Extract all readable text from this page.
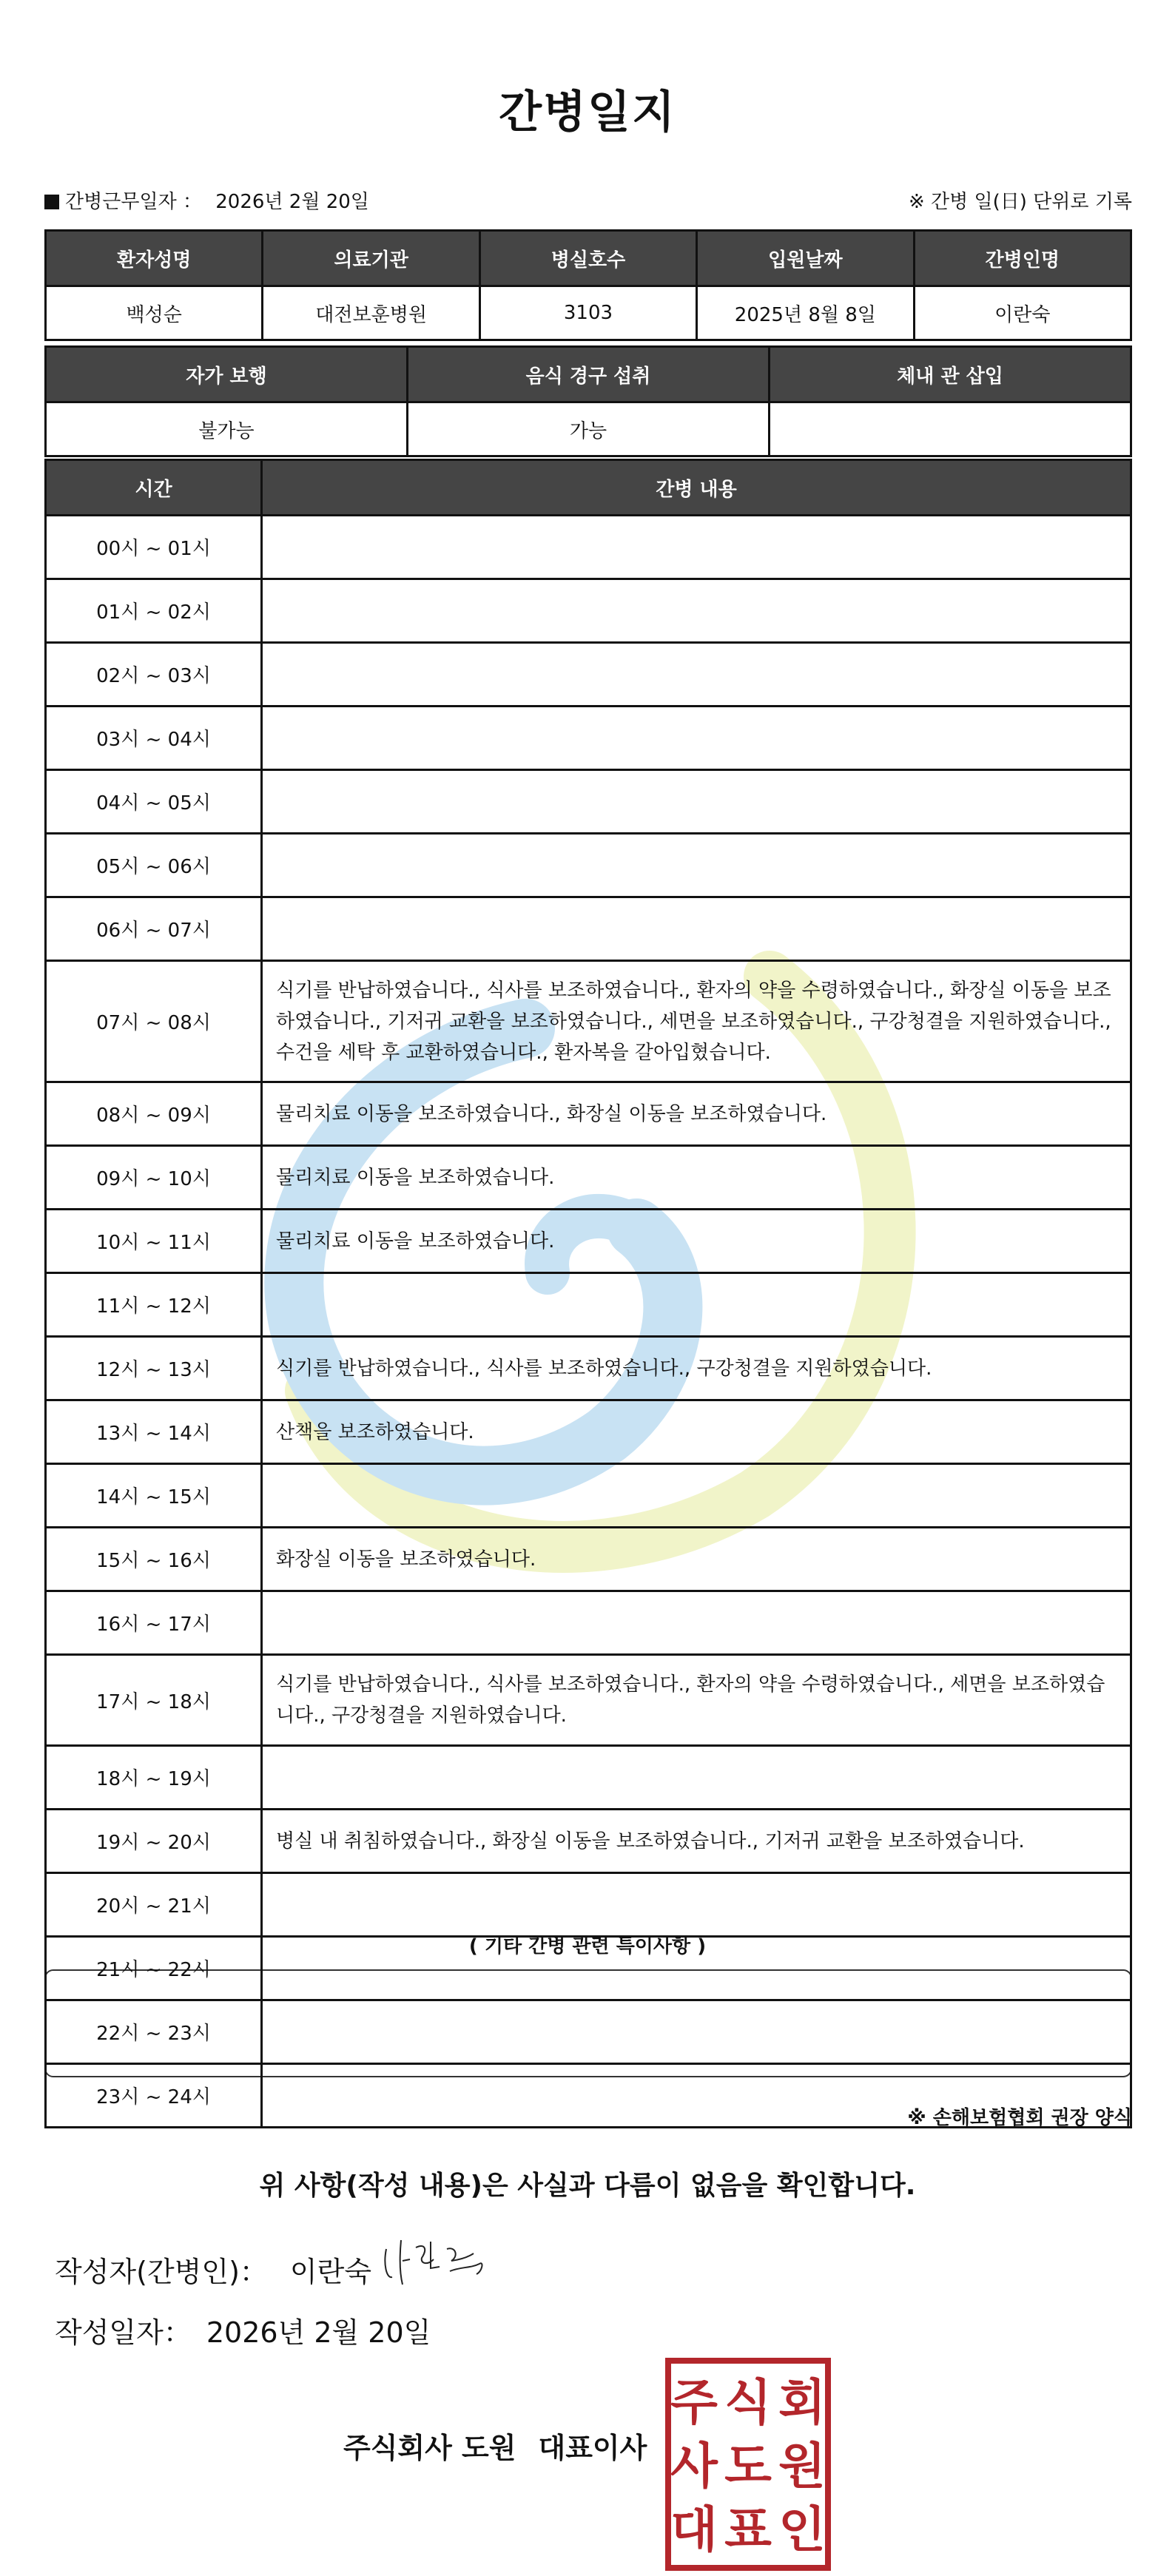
간병일지
간병근무일자 ： 2026년 2월 20일	※ 간병 일(日) 단위로 기록
환자성명	의료기관	병실호수	입원날짜	간병인명
백성순	대전보훈병원	3103	2025년 8월 8일	이란숙
자가 보행	음식 경구 섭취	체내 관 삽입
불가능	가능	
시간	간병 내용
00시 ~ 01시	
01시 ~ 02시	
02시 ~ 03시	
03시 ~ 04시	
04시 ~ 05시	
05시 ~ 06시	
06시 ~ 07시	
07시 ~ 08시	식기를 반납하였습니다., 식사를 보조하였습니다., 환자의 약을 수령하였습니다., 화장실 이동을 보조하였습니다., 기저귀 교환을 보조하였습니다., 세면을 보조하였습니다., 구강청결을 지원하였습니다., 수건을 세탁 후 교환하였습니다., 환자복을 갈아입혔습니다.
08시 ~ 09시	물리치료 이동을 보조하였습니다., 화장실 이동을 보조하였습니다.
09시 ~ 10시	물리치료 이동을 보조하였습니다.
10시 ~ 11시	물리치료 이동을 보조하였습니다.
11시 ~ 12시	
12시 ~ 13시	식기를 반납하였습니다., 식사를 보조하였습니다., 구강청결을 지원하였습니다.
13시 ~ 14시	산책을 보조하였습니다.
14시 ~ 15시	
15시 ~ 16시	화장실 이동을 보조하였습니다.
16시 ~ 17시	
17시 ~ 18시	식기를 반납하였습니다., 식사를 보조하였습니다., 환자의 약을 수령하였습니다., 세면을 보조하였습니다., 구강청결을 지원하였습니다.
18시 ~ 19시	
19시 ~ 20시	병실 내 취침하였습니다., 화장실 이동을 보조하였습니다., 기저귀 교환을 보조하였습니다.
20시 ~ 21시	
21시 ~ 22시	
22시 ~ 23시	
23시 ~ 24시	
( 기타 간병 관련 특이사항 )
※ 손해보험협회 권장 양식
위 사항(작성 내용)은 사실과 다름이 없음을 확인합니다.
작성자(간병인)： 이란숙
작성일자： 2026년 2월 20일
주식회사 도원 대표이사
주 식 회
사 도 원
대 표 인
